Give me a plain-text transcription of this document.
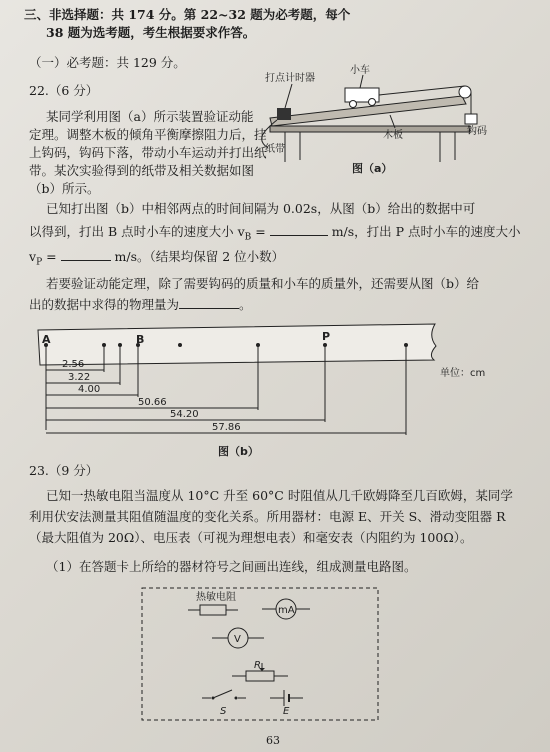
三、非选择题：共 174 分。第 22~32 题为必考题，每个
38 题为选考题，考生根据要求作答。
（一）必考题：共 129 分。
22.（6 分）
某同学利用图（a）所示装置验证动能
定理。调整木板的倾角平衡摩擦阻力后，挂
上钩码，钩码下落，带动小车运动并打出纸
带。某次实验得到的纸带及相关数据如图
（b）所示。
打点计时器
小车
纸带
木板	钩码
图（a）
已知打出图（b）中相邻两点的时间间隔为 0.02s，从图（b）给出的数据中可
以得到，打出 B 点时小车的速度大小 $v_B$ =	m/s，打出 P 点时小车的速度大小
$v_P$ =	m/s。（结果均保留 2 位小数）
若要验证动能定理，除了需要钩码的质量和小车的质量外，还需要从图（b）给
出的数据中求得的物理量为	。
A	B	P
2.56
3.22
4.00
50.66
54.20
57.86
单位：cm
图（b）
23.（9 分）
已知一热敏电阻当温度从 10°C 升至 60°C 时阻值从几千欧姆降至几百欧姆，某同学
利用伏安法测量其阻值随温度的变化关系。所用器材：电源 E、开关 S、滑动变阻器 R
（最大阻值为 20Ω）、电压表（可视为理想电表）和毫安表（内阻约为 100Ω）。
（1）在答题卡上所给的器材符号之间画出连线，组成测量电路图。
热敏电阻
mA
V
R
S	E
63
